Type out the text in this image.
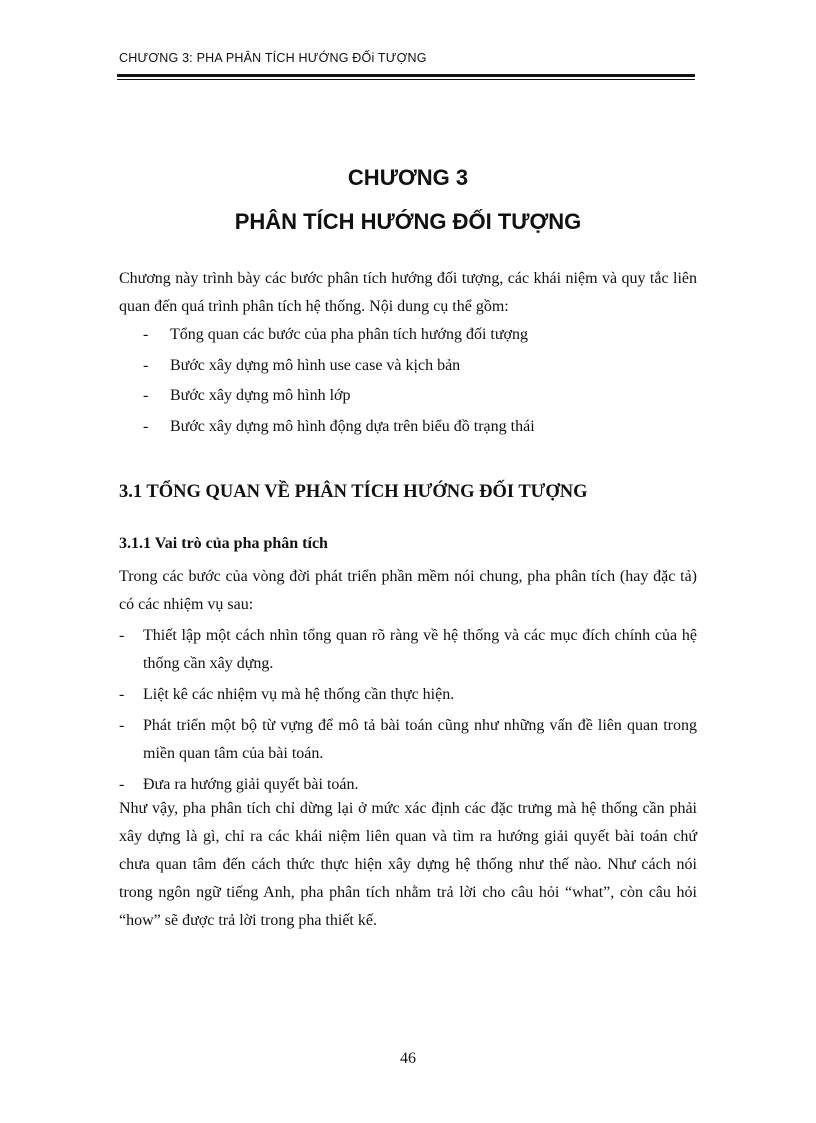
CHƯƠNG 3: PHA PHÂN TÍCH HƯỚNG ĐỐi TƯỢNG
CHƯƠNG 3
PHÂN TÍCH HƯỚNG ĐỐI TƯỢNG

Chương này trình bày các bước phân tích hướng đối tượng, các khái niệm và quy tắc liên quan đến quá trình phân tích hệ thống. Nội dung cụ thể gồm:

- Tổng quan các bước của pha phân tích hướng đối tượng
- Bước xây dựng mô hình use case và kịch bản
- Bước xây dựng mô hình lớp
- Bước xây dựng mô hình động dựa trên biểu đồ trạng thái
3.1 TỔNG QUAN VỀ PHÂN TÍCH HƯỚNG ĐỐI TƯỢNG
3.1.1 Vai trò của pha phân tích

Trong các bước của vòng đời phát triển phần mềm nói chung, pha phân tích (hay đặc tả) có các nhiệm vụ sau:

- Thiết lập một cách nhìn tổng quan rõ ràng về hệ thống và các mục đích chính của hệ thống cần xây dựng.
- Liệt kê các nhiệm vụ mà hệ thống cần thực hiện.
- Phát triển một bộ từ vựng để mô tả bài toán cũng như những vấn đề liên quan trong miền quan tâm của bài toán.
- Đưa ra hướng giải quyết bài toán.

Như vậy, pha phân tích chỉ dừng lại ở mức xác định các đặc trưng mà hệ thống cần phải xây dựng là gì, chỉ ra các khái niệm liên quan và tìm ra hướng giải quyết bài toán chứ chưa quan tâm đến cách thức thực hiện xây dựng hệ thống như thế nào. Như cách nói trong ngôn ngữ tiếng Anh, pha phân tích nhằm trả lời cho câu hỏi “what”, còn câu hỏi “how” sẽ được trả lời trong pha thiết kế.

46
